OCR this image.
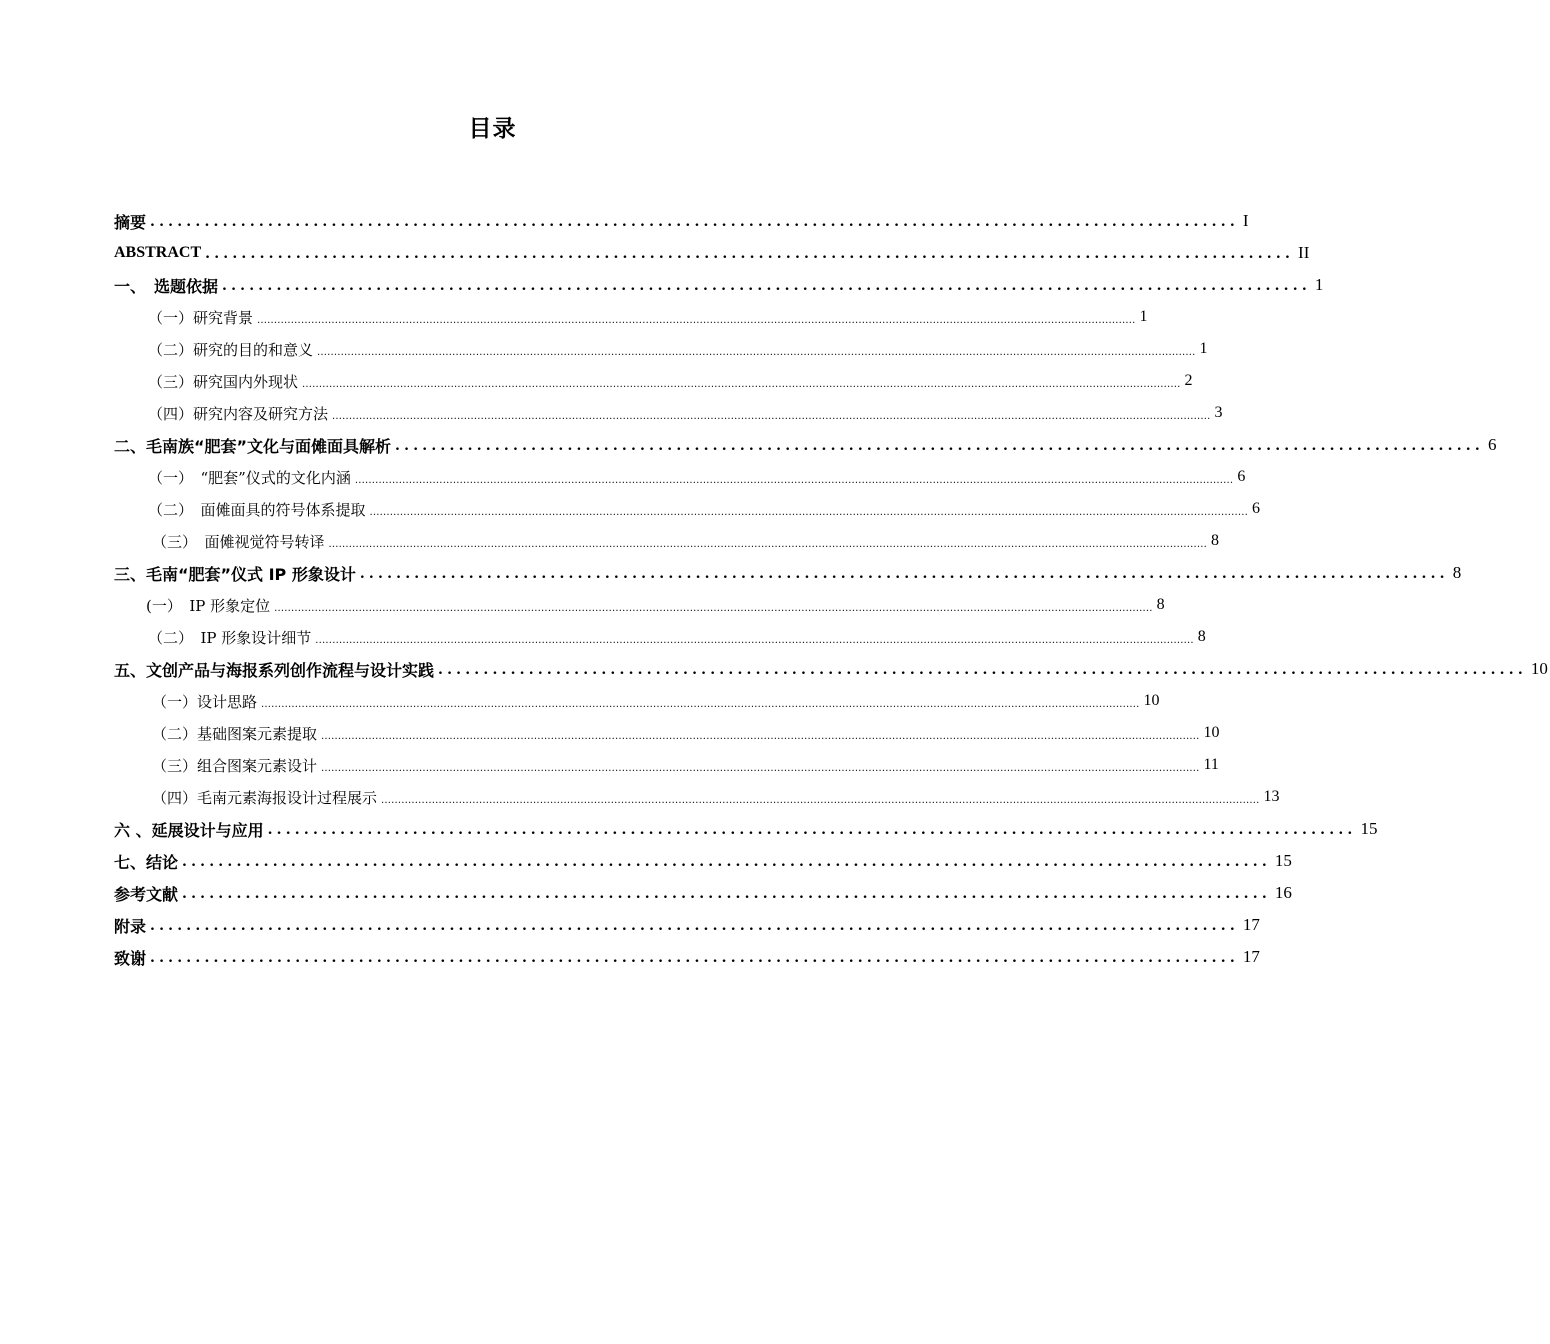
目录
摘要 ........................................................................................................................ I
ABSTRACT ........................................................................................................................ II
一、　选题依据 ........................................................................................................................ 1
（一）研究背景 .................................................................................................................................................................................................................................................................... 1
（二）研究的目的和意义 .................................................................................................................................................................................................................................................................... 1
（三）研究国内外现状 .................................................................................................................................................................................................................................................................... 2
（四）研究内容及研究方法 .................................................................................................................................................................................................................................................................... 3
二、毛南族“肥套”文化与面傩面具解析 ........................................................................................................................ 6
（一）　“肥套”仪式的文化内涵 .................................................................................................................................................................................................................................................................... 6
（二）　面傩面具的符号体系提取 .................................................................................................................................................................................................................................................................... 6
（三）　面傩视觉符号转译 .................................................................................................................................................................................................................................................................... 8
三、毛南“肥套”仪式 IP 形象设计 ........................................................................................................................ 8
(一）　IP 形象定位 .................................................................................................................................................................................................................................................................... 8
（二）　IP 形象设计细节 .................................................................................................................................................................................................................................................................... 8
五、文创产品与海报系列创作流程与设计实践 ........................................................................................................................ 10
（一）设计思路 .................................................................................................................................................................................................................................................................... 10
（二）基础图案元素提取 .................................................................................................................................................................................................................................................................... 10
（三）组合图案元素设计 .................................................................................................................................................................................................................................................................... 11
（四）毛南元素海报设计过程展示 .................................................................................................................................................................................................................................................................... 13
六 、延展设计与应用 ........................................................................................................................ 15
七、结论 ........................................................................................................................ 15
参考文献 ........................................................................................................................ 16
附录 ........................................................................................................................ 17
致谢 ........................................................................................................................ 17
